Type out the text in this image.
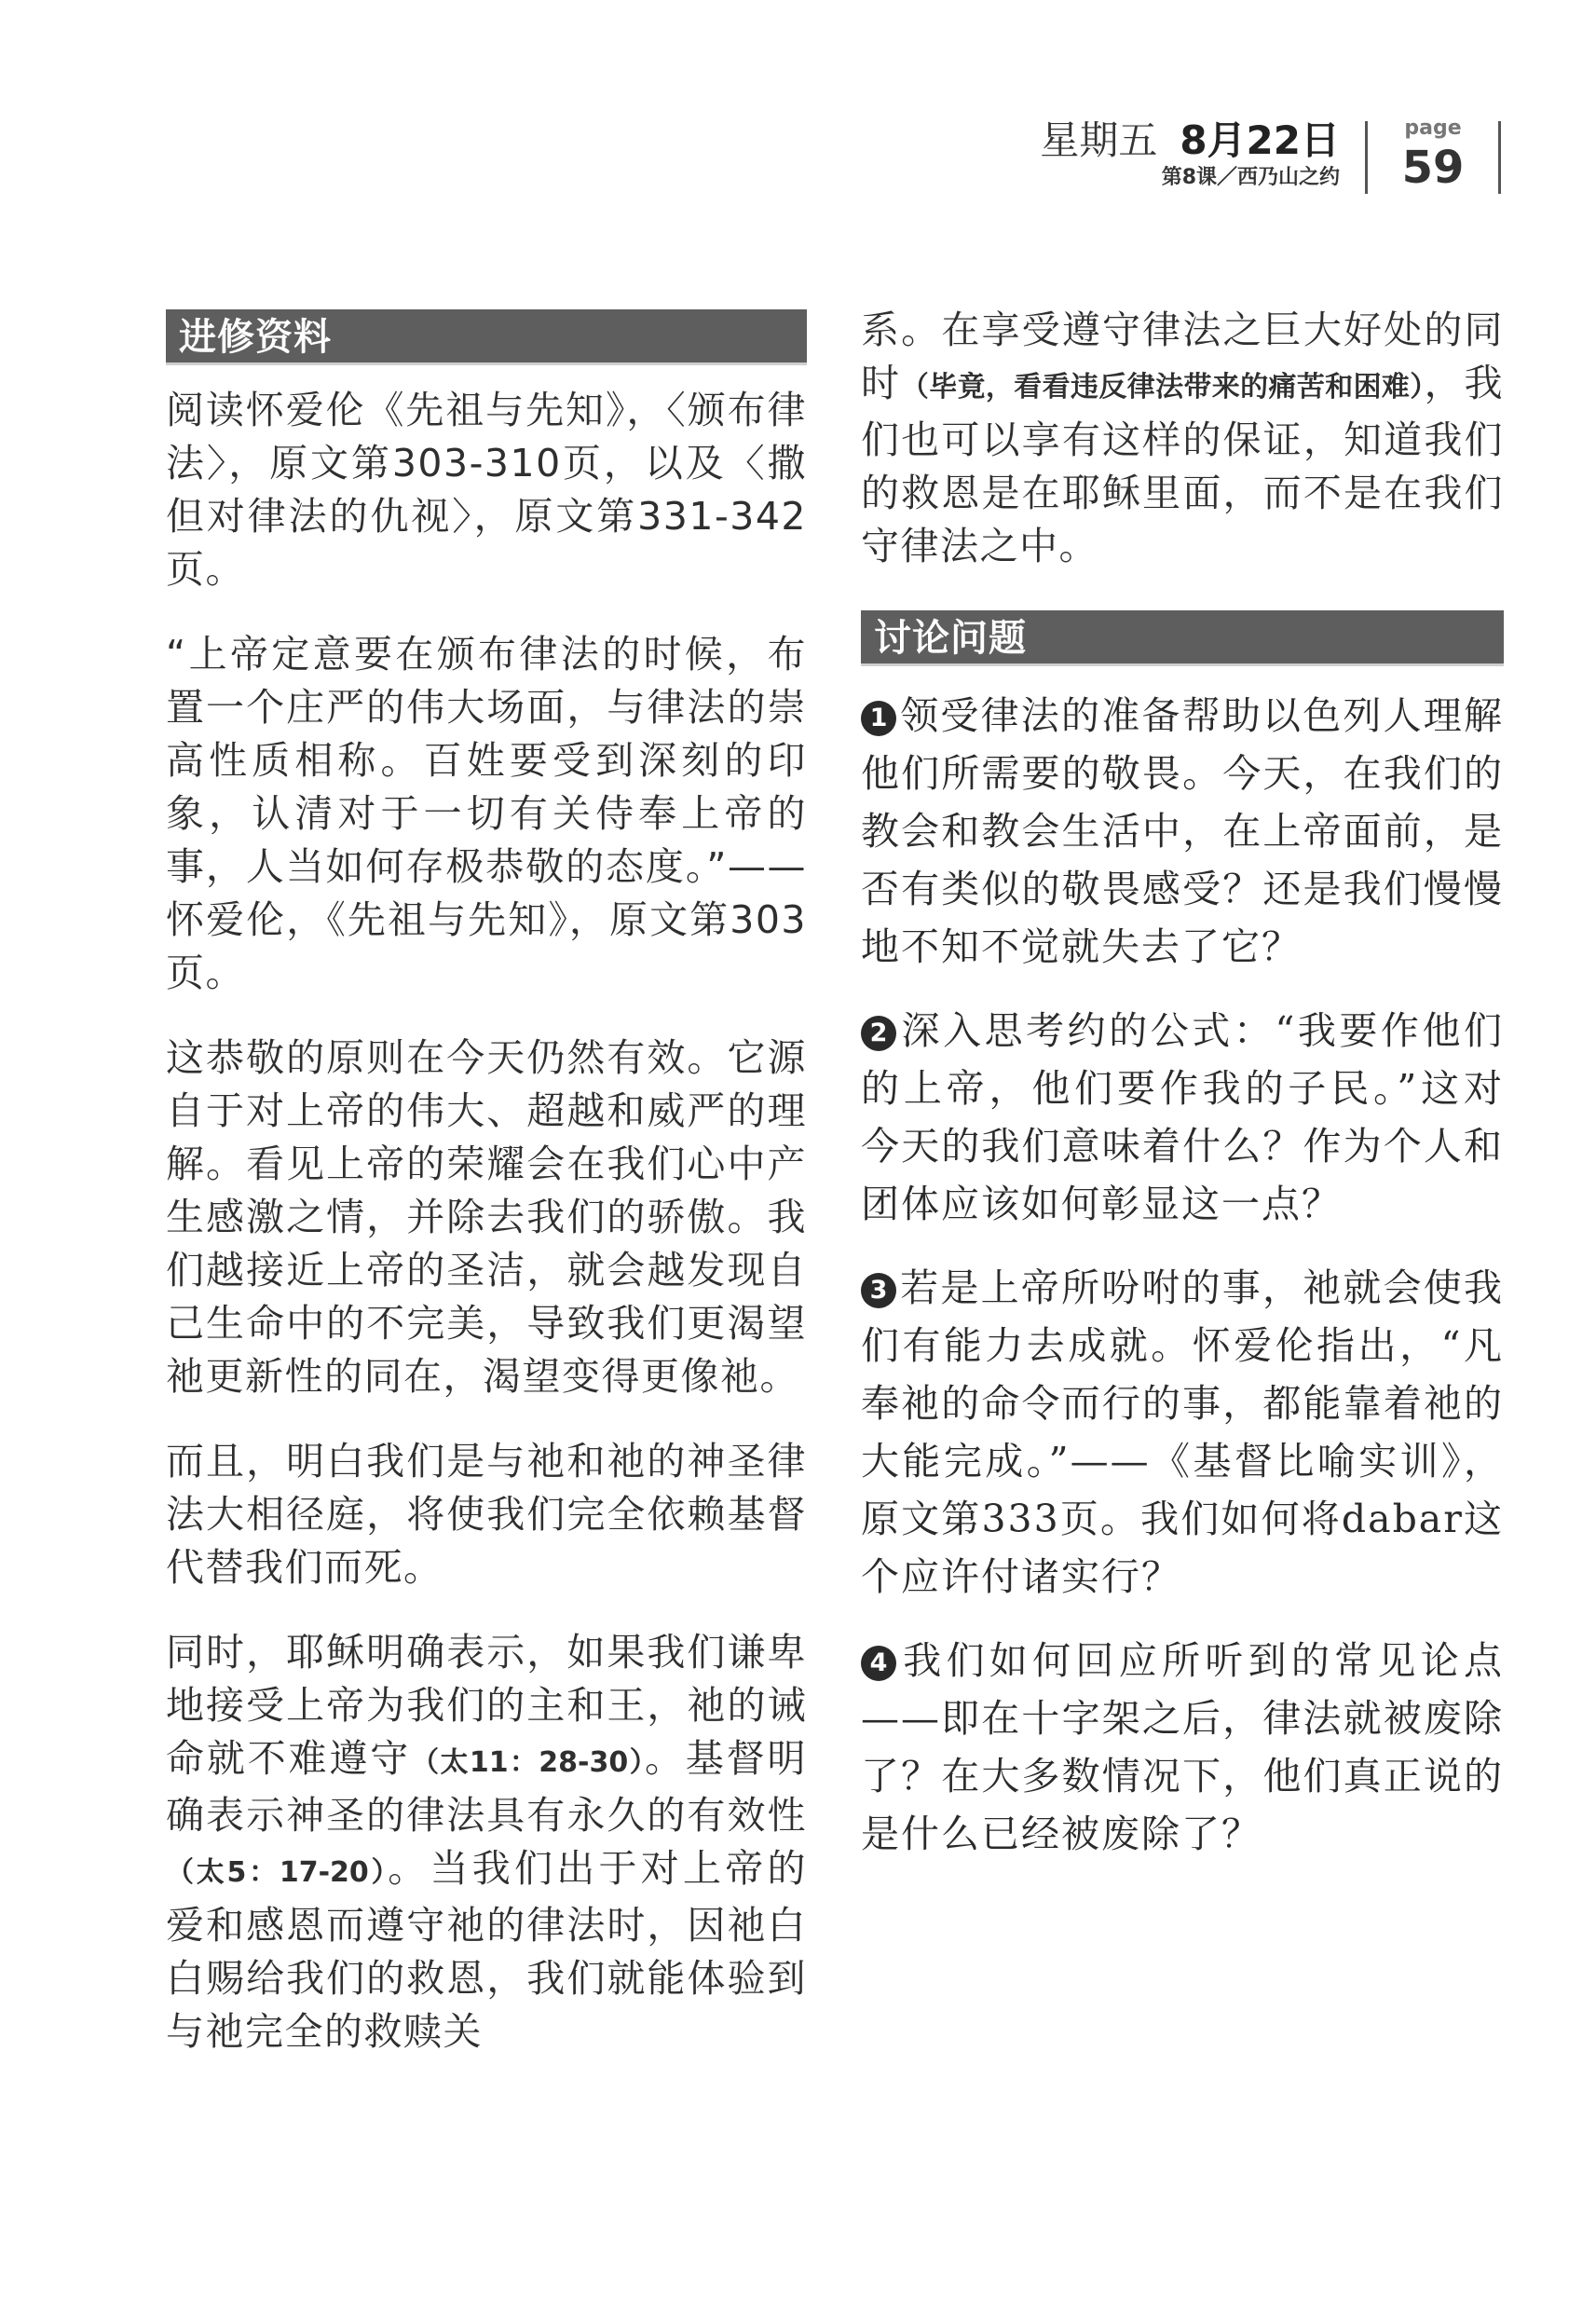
星期五 8月22日
第8课／西乃山之约
page
59
进修资料

阅读怀爱伦《先祖与先知》，〈颁布律法〉，原文第303-310页，以及〈撒但对律法的仇视〉，原文第331-342页。

“上帝定意要在颁布律法的时候，布置一个庄严的伟大场面，与律法的崇高性质相称。百姓要受到深刻的印象，认清对于一切有关侍奉上帝的事，人当如何存极恭敬的态度。”——怀爱伦，《先祖与先知》，原文第303页。

这恭敬的原则在今天仍然有效。它源自于对上帝的伟大、超越和威严的理解。看见上帝的荣耀会在我们心中产生感激之情，并除去我们的骄傲。我们越接近上帝的圣洁，就会越发现自己生命中的不完美，导致我们更渴望祂更新性的同在，渴望变得更像祂。

而且，明白我们是与祂和祂的神圣律法大相径庭，将使我们完全依赖基督代替我们而死。

同时，耶稣明确表示，如果我们谦卑地接受上帝为我们的主和王，祂的诫命就不难遵守（太11：28-30）。基督明确表示神圣的律法具有永久的有效性（太5：17-20）。当我们出于对上帝的爱和感恩而遵守祂的律法时，因祂白白赐给我们的救恩，我们就能体验到与祂完全的救赎关

系。在享受遵守律法之巨大好处的同时（毕竟，看看违反律法带来的痛苦和困难），我们也可以享有这样的保证，知道我们的救恩是在耶稣里面，而不是在我们守律法之中。

讨论问题

1 领受律法的准备帮助以色列人理解他们所需要的敬畏。今天，在我们的教会和教会生活中，在上帝面前，是否有类似的敬畏感受？还是我们慢慢地不知不觉就失去了它？

2 深入思考约的公式：“我要作他们的上帝，他们要作我的子民。”这对今天的我们意味着什么？作为个人和团体应该如何彰显这一点？

3 若是上帝所吩咐的事，祂就会使我们有能力去成就。怀爱伦指出，“凡奉祂的命令而行的事，都能靠着祂的大能完成。”——《基督比喻实训》，原文第333页。我们如何将dabar这个应许付诸实行？

4 我们如何回应所听到的常见论点——即在十字架之后，律法就被废除了？在大多数情况下，他们真正说的是什么已经被废除了？
